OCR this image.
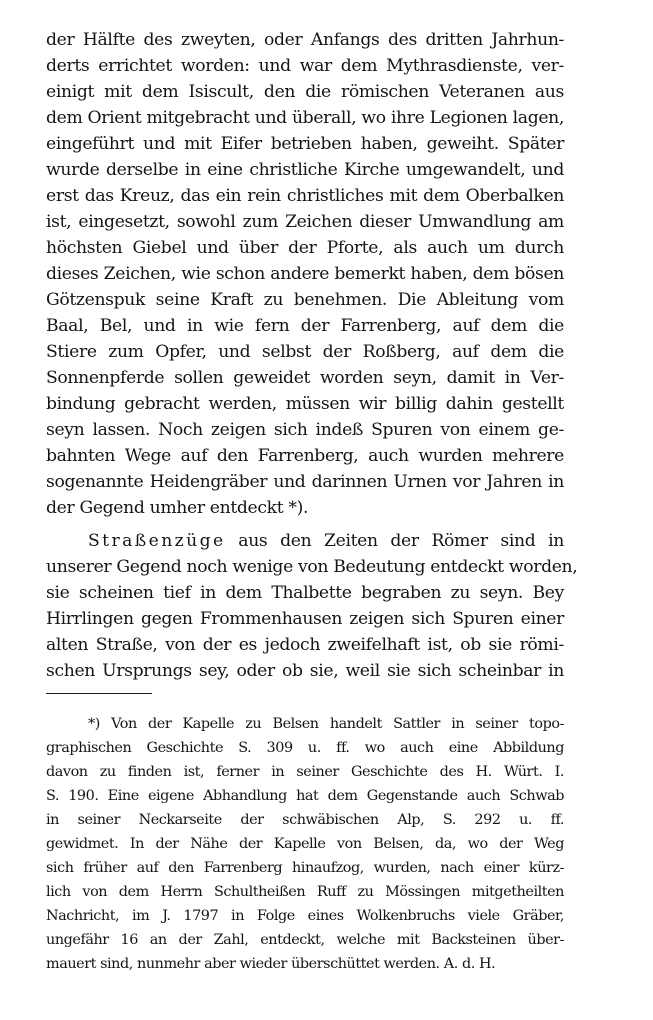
der Hälfte des zweyten, oder Anfangs des dritten Jahrhun-
derts errichtet worden: und war dem Mythrasdienste, ver-
einigt mit dem Isiscult, den die römischen Veteranen aus
dem Orient mitgebracht und überall, wo ihre Legionen lagen,
eingeführt und mit Eifer betrieben haben, geweiht. Später
wurde derselbe in eine christliche Kirche umgewandelt, und
erst das Kreuz, das ein rein christliches mit dem Oberbalken
ist, eingesetzt, sowohl zum Zeichen dieser Umwandlung am
höchsten Giebel und über der Pforte, als auch um durch
dieses Zeichen, wie schon andere bemerkt haben, dem bösen
Götzenspuk seine Kraft zu benehmen. Die Ableitung vom
Baal, Bel, und in wie fern der Farrenberg, auf dem die
Stiere zum Opfer, und selbst der Roßberg, auf dem die
Sonnenpferde sollen geweidet worden seyn, damit in Ver-
bindung gebracht werden, müssen wir billig dahin gestellt
seyn lassen. Noch zeigen sich indeß Spuren von einem ge-
bahnten Wege auf den Farrenberg, auch wurden mehrere
sogenannte Heidengräber und darinnen Urnen vor Jahren in
der Gegend umher entdeckt *).
Straßenzüge aus den Zeiten der Römer sind in
unserer Gegend noch wenige von Bedeutung entdeckt worden,
sie scheinen tief in dem Thalbette begraben zu seyn. Bey
Hirrlingen gegen Frommenhausen zeigen sich Spuren einer
alten Straße, von der es jedoch zweifelhaft ist, ob sie römi-
schen Ursprungs sey, oder ob sie, weil sie sich scheinbar in
*) Von der Kapelle zu Belsen handelt Sattler in seiner topo-
graphischen Geschichte S. 309 u. ff. wo auch eine Abbildung
davon zu finden ist, ferner in seiner Geschichte des H. Würt. I.
S. 190. Eine eigene Abhandlung hat dem Gegenstande auch Schwab
in seiner Neckarseite der schwäbischen Alp, S. 292 u. ff.
gewidmet. In der Nähe der Kapelle von Belsen, da, wo der Weg
sich früher auf den Farrenberg hinaufzog, wurden, nach einer kürz-
lich von dem Herrn Schultheißen Ruff zu Mössingen mitgetheilten
Nachricht, im J. 1797 in Folge eines Wolkenbruchs viele Gräber,
ungefähr 16 an der Zahl, entdeckt, welche mit Backsteinen über-
mauert sind, nunmehr aber wieder überschüttet werden. A. d. H.
